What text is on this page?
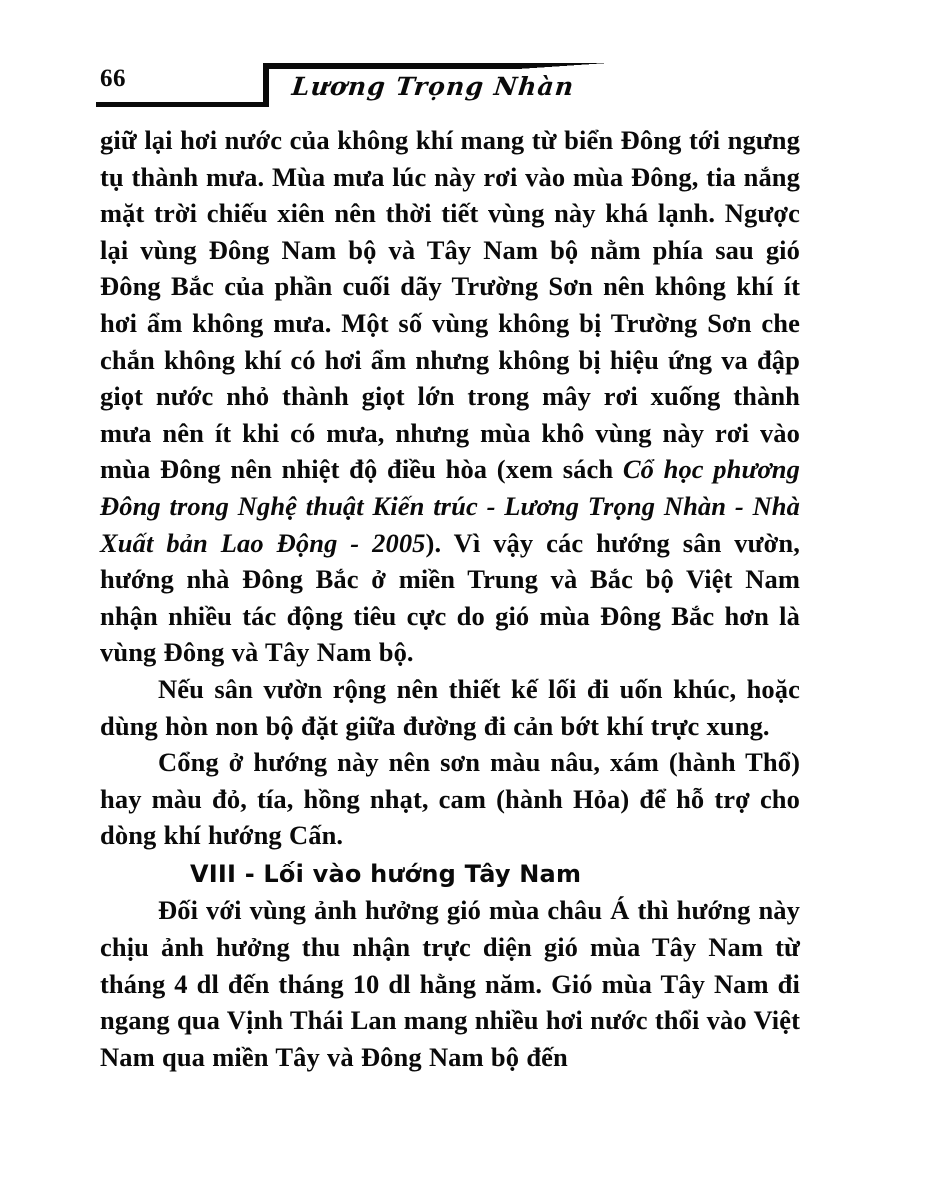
66	Lương Trọng Nhàn

giữ lại hơi nước của không khí mang từ biển Đông tới ngưng tụ thành mưa. Mùa mưa lúc này rơi vào mùa Đông, tia nắng mặt trời chiếu xiên nên thời tiết vùng này khá lạnh. Ngược lại vùng Đông Nam bộ và Tây Nam bộ nằm phía sau gió Đông Bắc của phần cuối dãy Trường Sơn nên không khí ít hơi ẩm không mưa. Một số vùng không bị Trường Sơn che chắn không khí có hơi ẩm nhưng không bị hiệu ứng va đập giọt nước nhỏ thành giọt lớn trong mây rơi xuống thành mưa nên ít khi có mưa, nhưng mùa khô vùng này rơi vào mùa Đông nên nhiệt độ điều hòa (xem sách Cổ học phương Đông trong Nghệ thuật Kiến trúc - Lương Trọng Nhàn - Nhà Xuất bản Lao Động - 2005). Vì vậy các hướng sân vườn, hướng nhà Đông Bắc ở miền Trung và Bắc bộ Việt Nam nhận nhiều tác động tiêu cực do gió mùa Đông Bắc hơn là vùng Đông và Tây Nam bộ.

Nếu sân vườn rộng nên thiết kế lối đi uốn khúc, hoặc dùng hòn non bộ đặt giữa đường đi cản bớt khí trực xung.

Cổng ở hướng này nên sơn màu nâu, xám (hành Thổ) hay màu đỏ, tía, hồng nhạt, cam (hành Hỏa) để hỗ trợ cho dòng khí hướng Cấn.

VIII - Lối vào hướng Tây Nam

Đối với vùng ảnh hưởng gió mùa châu Á thì hướng này chịu ảnh hưởng thu nhận trực diện gió mùa Tây Nam từ tháng 4 dl đến tháng 10 dl hằng năm. Gió mùa Tây Nam đi ngang qua Vịnh Thái Lan mang nhiều hơi nước thổi vào Việt Nam qua miền Tây và Đông Nam bộ đến
